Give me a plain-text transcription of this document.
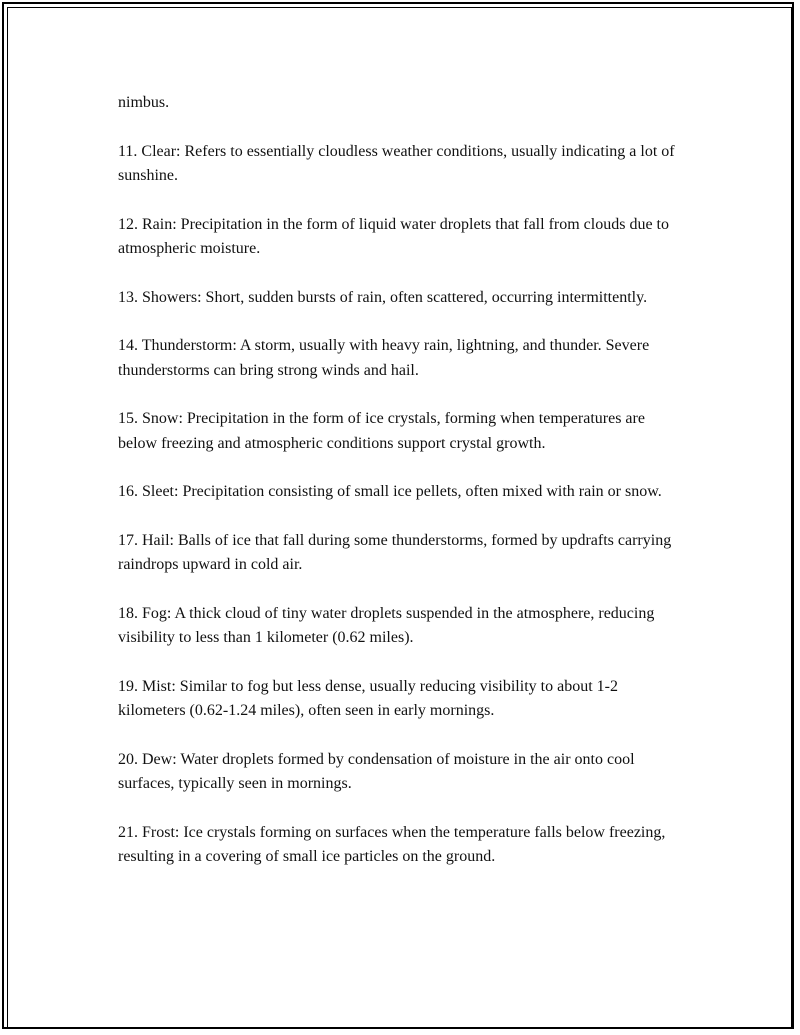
nimbus.

11. Clear: Refers to essentially cloudless weather conditions, usually indicating a lot of sunshine.

12. Rain: Precipitation in the form of liquid water droplets that fall from clouds due to atmospheric moisture.

13. Showers: Short, sudden bursts of rain, often scattered, occurring intermittently.

14. Thunderstorm: A storm, usually with heavy rain, lightning, and thunder. Severe thunderstorms can bring strong winds and hail.

15. Snow: Precipitation in the form of ice crystals, forming when temperatures are below freezing and atmospheric conditions support crystal growth.

16. Sleet: Precipitation consisting of small ice pellets, often mixed with rain or snow.

17. Hail: Balls of ice that fall during some thunderstorms, formed by updrafts carrying raindrops upward in cold air.

18. Fog: A thick cloud of tiny water droplets suspended in the atmosphere, reducing visibility to less than 1 kilometer (0.62 miles).

19. Mist: Similar to fog but less dense, usually reducing visibility to about 1-2 kilometers (0.62-1.24 miles), often seen in early mornings.

20. Dew: Water droplets formed by condensation of moisture in the air onto cool surfaces, typically seen in mornings.

21. Frost: Ice crystals forming on surfaces when the temperature falls below freezing, resulting in a covering of small ice particles on the ground.
